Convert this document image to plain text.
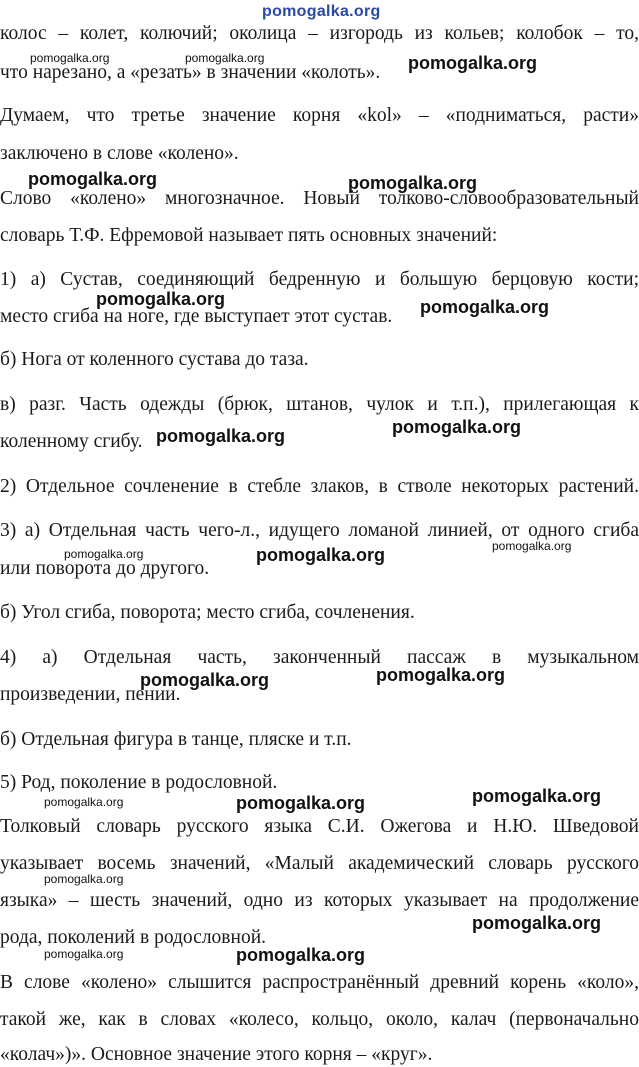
pomogalka.org
колос – колет, колючий; околица – изгородь из кольев; колобок – то,
что нарезано, а «резать» в значении «колоть».
Думаем, что третье значение корня «kol» – «подниматься, расти»
заключено в слове «колено».
Слово «колено» многозначное. Новый толково-словообразовательный
словарь Т.Ф. Ефремовой называет пять основных значений:
1) а) Сустав, соединяющий бедренную и большую берцовую кости;
место сгиба на ноге, где выступает этот сустав.
б) Нога от коленного сустава до таза.
в) разг. Часть одежды (брюк, штанов, чулок и т.п.), прилегающая к
коленному сгибу.
2) Отдельное сочленение в стебле злаков, в стволе некоторых растений.
3) а) Отдельная часть чего-л., идущего ломаной линией, от одного сгиба
или поворота до другого.
б) Угол сгиба, поворота; место сгиба, сочленения.
4) а) Отдельная часть, законченный пассаж в музыкальном
произведении, пении.
б) Отдельная фигура в танце, пляске и т.п.
5) Род, поколение в родословной.
Толковый словарь русского языка С.И. Ожегова и Н.Ю. Шведовой
указывает восемь значений, «Малый академический словарь русского
языка» – шесть значений, одно из которых указывает на продолжение
рода, поколений в родословной.
В слове «колено» слышится распространённый древний корень «коло»,
такой же, как в словах «колесо, кольцо, около, калач (первоначально
«колач»)». Основное значение этого корня – «круг».
pomogalka.org	pomogalka.org	pomogalka.org
pomogalka.org	pomogalka.org
pomogalka.org	pomogalka.org
pomogalka.org	pomogalka.org
pomogalka.org	pomogalka.org	pomogalka.org
pomogalka.org	pomogalka.org
pomogalka.org	pomogalka.org	pomogalka.org
pomogalka.org
pomogalka.org
pomogalka.org	pomogalka.org
